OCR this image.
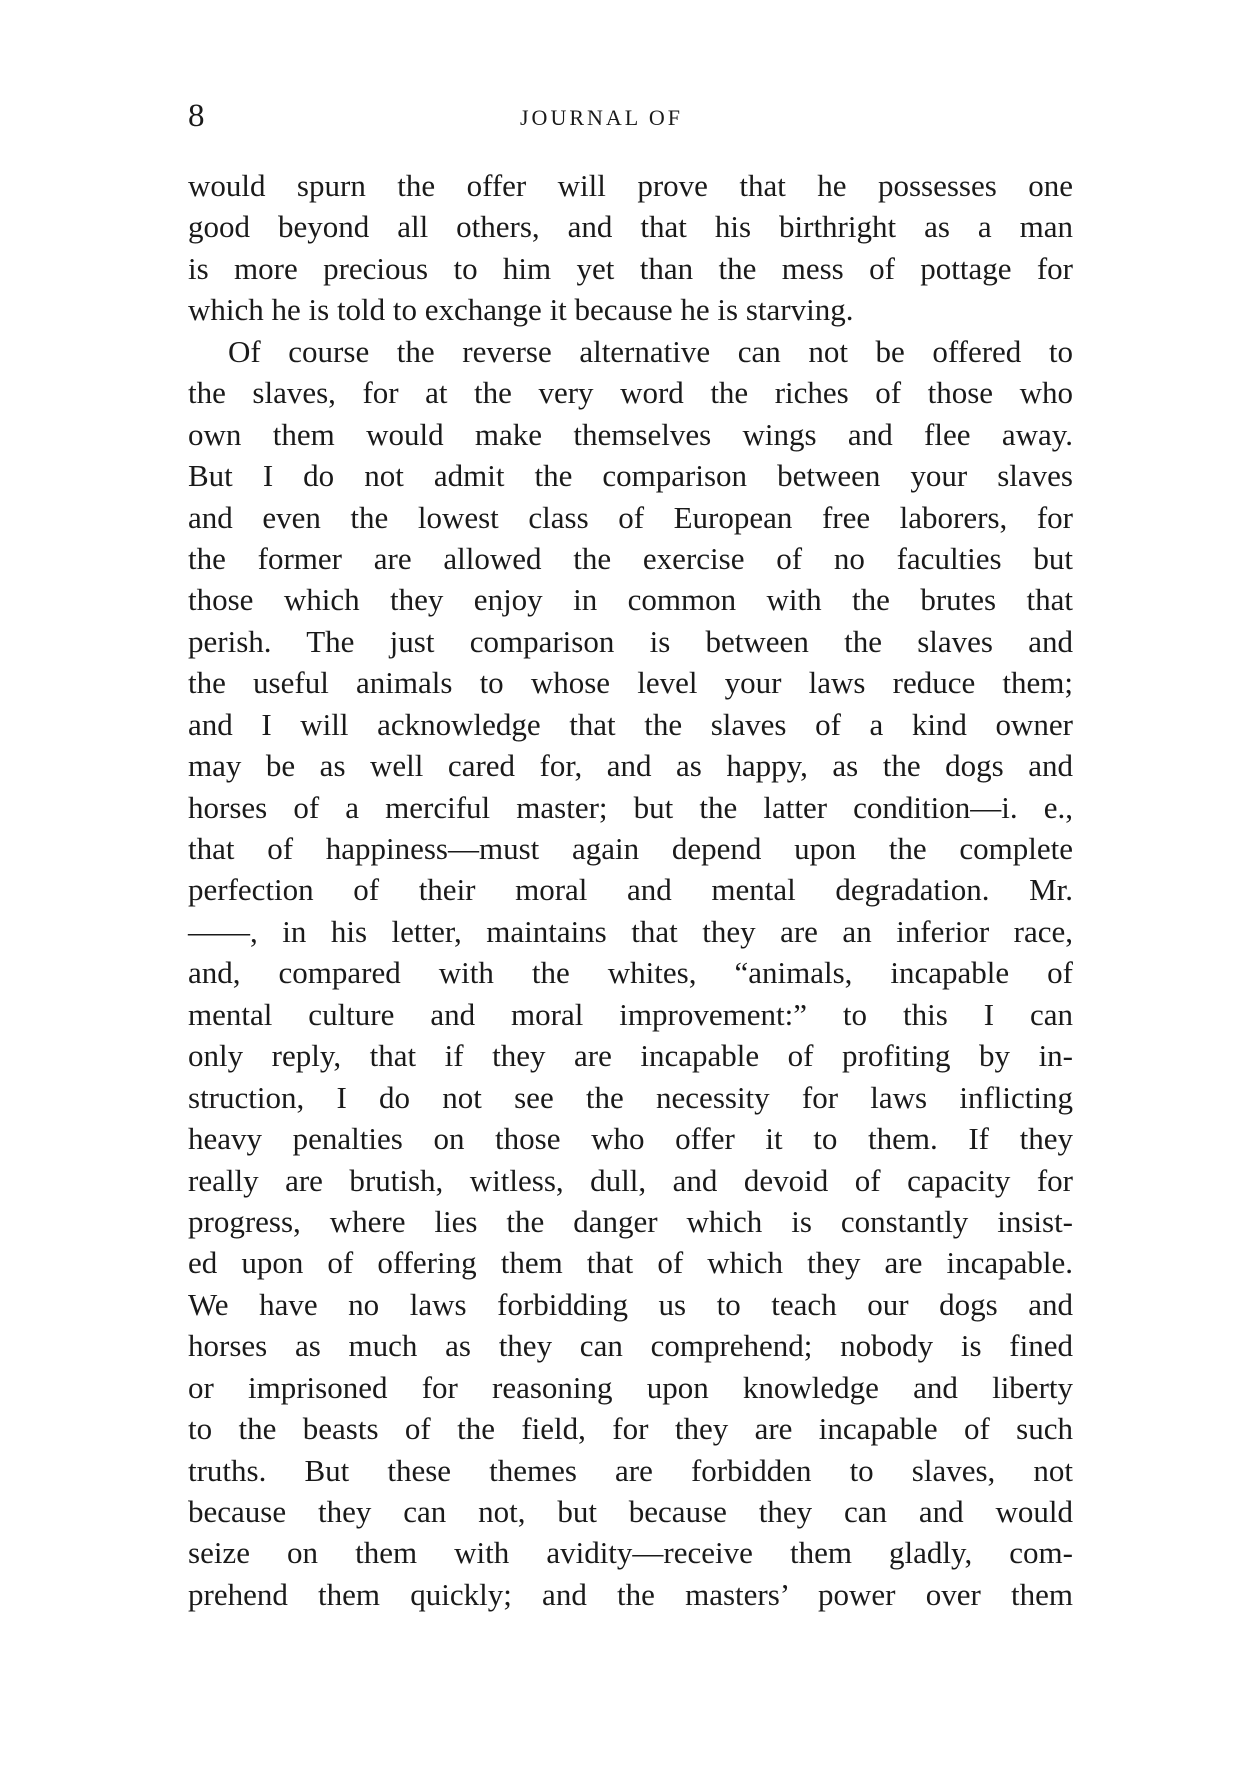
8	JOURNAL OF
would spurn the offer will prove that he possesses one
good beyond all others, and that his birthright as a man
is more precious to him yet than the mess of pottage for
which he is told to exchange it because he is starving.
Of course the reverse alternative can not be offered to
the slaves, for at the very word the riches of those who
own them would make themselves wings and flee away.
But I do not admit the comparison between your slaves
and even the lowest class of European free laborers, for
the former are allowed the exercise of no faculties but
those which they enjoy in common with the brutes that
perish. The just comparison is between the slaves and
the useful animals to whose level your laws reduce them;
and I will acknowledge that the slaves of a kind owner
may be as well cared for, and as happy, as the dogs and
horses of a merciful master; but the latter condition—i. e.,
that of happiness—must again depend upon the complete
perfection of their moral and mental degradation. Mr.
——, in his letter, maintains that they are an inferior race,
and, compared with the whites, “animals, incapable of
mental culture and moral improvement:” to this I can
only reply, that if they are incapable of profiting by in-
struction, I do not see the necessity for laws inflicting
heavy penalties on those who offer it to them. If they
really are brutish, witless, dull, and devoid of capacity for
progress, where lies the danger which is constantly insist-
ed upon of offering them that of which they are incapable.
We have no laws forbidding us to teach our dogs and
horses as much as they can comprehend; nobody is fined
or imprisoned for reasoning upon knowledge and liberty
to the beasts of the field, for they are incapable of such
truths. But these themes are forbidden to slaves, not
because they can not, but because they can and would
seize on them with avidity—receive them gladly, com-
prehend them quickly; and the masters’ power over them
